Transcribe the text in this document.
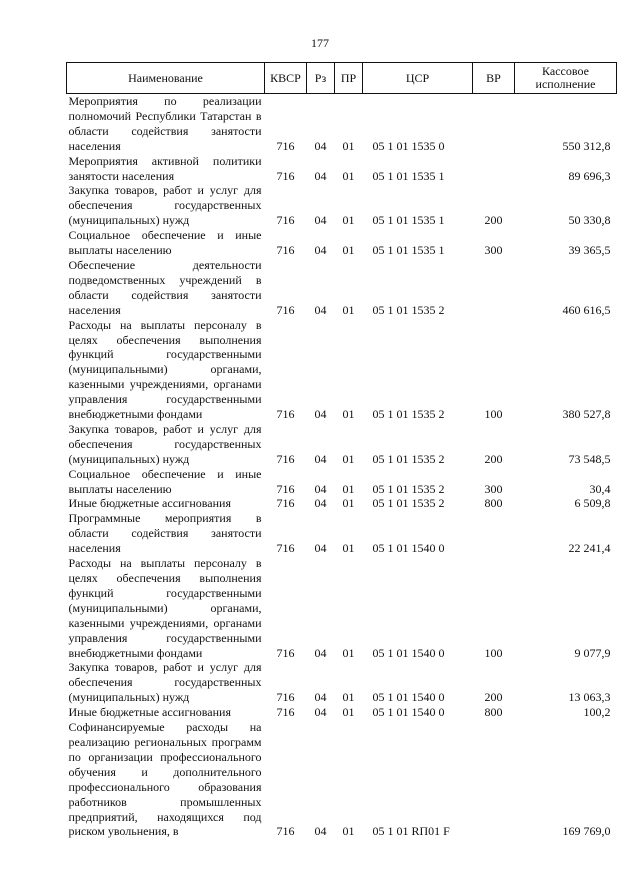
177
Наименование	КВСР	Рз	ПР	ЦСР	ВР	Кассовое исполнение
Мероприятия по реализации полномочий Республики Татарстан в области содействия занятости населения	716	04	01	05 1 01 1535 0		550 312,8
Мероприятия активной политики занятости населения	716	04	01	05 1 01 1535 1		89 696,3
Закупка товаров, работ и услуг для обеспечения государственных (муниципальных) нужд	716	04	01	05 1 01 1535 1	200	50 330,8
Социальное обеспечение и иные выплаты населению	716	04	01	05 1 01 1535 1	300	39 365,5
Обеспечение деятельности подведомственных учреждений в области содействия занятости населения	716	04	01	05 1 01 1535 2		460 616,5
Расходы на выплаты персоналу в целях обеспечения выполнения функций государственными (муниципальными) органами, казенными учреждениями, органами управления государственными внебюджетными фондами	716	04	01	05 1 01 1535 2	100	380 527,8
Закупка товаров, работ и услуг для обеспечения государственных (муниципальных) нужд	716	04	01	05 1 01 1535 2	200	73 548,5
Социальное обеспечение и иные выплаты населению	716	04	01	05 1 01 1535 2	300	30,4
Иные бюджетные ассигнования	716	04	01	05 1 01 1535 2	800	6 509,8
Программные мероприятия в области содействия занятости населения	716	04	01	05 1 01 1540 0		22 241,4
Расходы на выплаты персоналу в целях обеспечения выполнения функций государственными (муниципальными) органами, казенными учреждениями, органами управления государственными внебюджетными фондами	716	04	01	05 1 01 1540 0	100	9 077,9
Закупка товаров, работ и услуг для обеспечения государственных (муниципальных) нужд	716	04	01	05 1 01 1540 0	200	13 063,3
Иные бюджетные ассигнования	716	04	01	05 1 01 1540 0	800	100,2
Софинансируемые расходы на реализацию региональных программ по организации профессионального обучения и дополнительного профессионального образования работников промышленных предприятий, находящихся под риском увольнения, в	716	04	01	05 1 01 RП01 F		169 769,0
